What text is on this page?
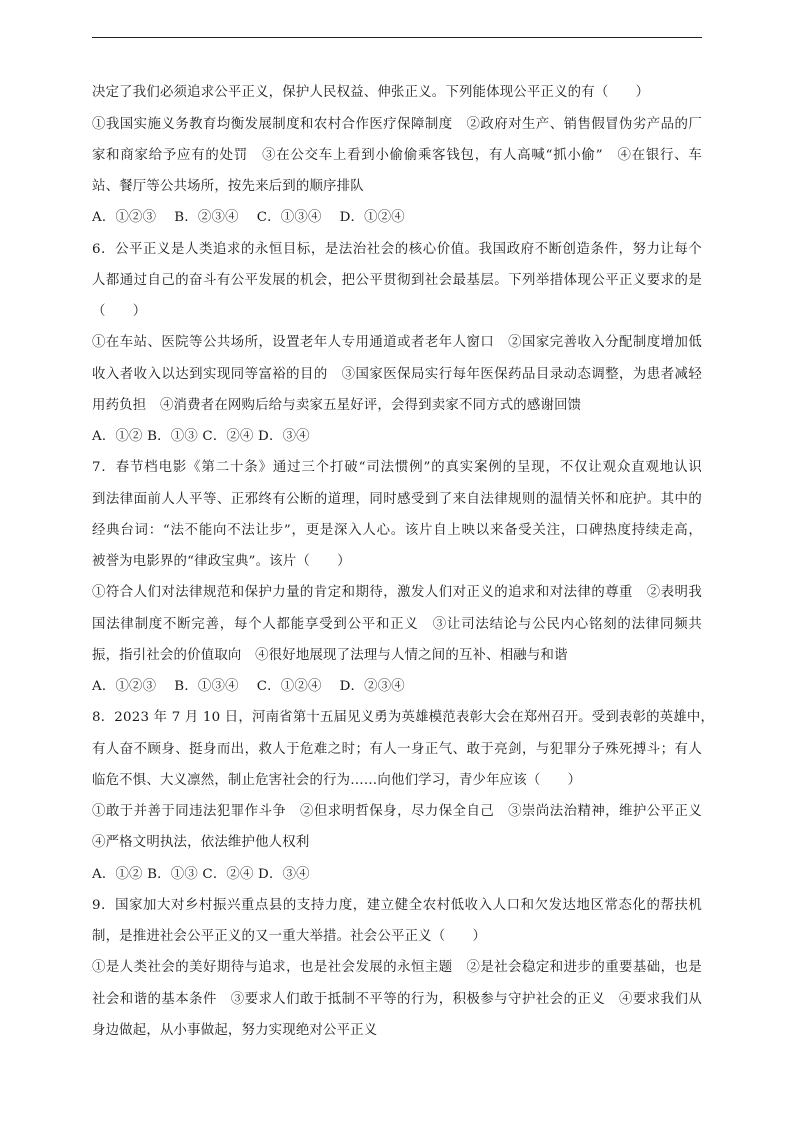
决定了我们必须追求公平正义，保护人民权益、伸张正义。下列能体现公平正义的有（　　）
①我国实施义务教育均衡发展制度和农村合作医疗保障制度　②政府对生产、销售假冒伪劣产品的厂
家和商家给予应有的处罚　③在公交车上看到小偷偷乘客钱包，有人高喊“抓小偷”　④在银行、车
站、餐厅等公共场所，按先来后到的顺序排队
A．①②③　 B．②③④　 C．①③④　 D．①②④
6．公平正义是人类追求的永恒目标，是法治社会的核心价值。我国政府不断创造条件，努力让每个
人都通过自己的奋斗有公平发展的机会，把公平贯彻到社会最基层。下列举措体现公平正义要求的是
（　　）
①在车站、医院等公共场所，设置老年人专用通道或者老年人窗口　②国家完善收入分配制度增加低
收入者收入以达到实现同等富裕的目的　③国家医保局实行每年医保药品目录动态调整，为患者减轻
用药负担　④消费者在网购后给与卖家五星好评，会得到卖家不同方式的感谢回馈
A．①② B．①③ C．②④ D．③④
7．春节档电影《第二十条》通过三个打破“司法惯例”的真实案例的呈现，不仅让观众直观地认识
到法律面前人人平等、正邪终有公断的道理，同时感受到了来自法律规则的温情关怀和庇护。其中的
经典台词：“法不能向不法让步”，更是深入人心。该片自上映以来备受关注，口碑热度持续走高，
被誉为电影界的“律政宝典”。该片（　　）
①符合人们对法律规范和保护力量的肯定和期待，激发人们对正义的追求和对法律的尊重　②表明我
国法律制度不断完善，每个人都能享受到公平和正义　③让司法结论与公民内心铭刻的法律同频共
振，指引社会的价值取向　④很好地展现了法理与人情之间的互补、相融与和谐
A．①②③　 B．①③④　 C．①②④　 D．②③④
8．2023 年 7 月 10 日，河南省第十五届见义勇为英雄模范表彰大会在郑州召开。受到表彰的英雄中，
有人奋不顾身、挺身而出，救人于危难之时；有人一身正气、敢于亮剑，与犯罪分子殊死搏斗；有人
临危不惧、大义凛然，制止危害社会的行为……向他们学习，青少年应该（　　）
①敢于并善于同违法犯罪作斗争　②但求明哲保身，尽力保全自己　③崇尚法治精神，维护公平正义
④严格文明执法，依法维护他人权利
A．①② B．①③ C．②④ D．③④
9．国家加大对乡村振兴重点县的支持力度，建立健全农村低收入人口和欠发达地区常态化的帮扶机
制，是推进社会公平正义的又一重大举措。社会公平正义（　　）
①是人类社会的美好期待与追求，也是社会发展的永恒主题　②是社会稳定和进步的重要基础，也是
社会和谐的基本条件　③要求人们敢于抵制不平等的行为，积极参与守护社会的正义　④要求我们从
身边做起，从小事做起，努力实现绝对公平正义
